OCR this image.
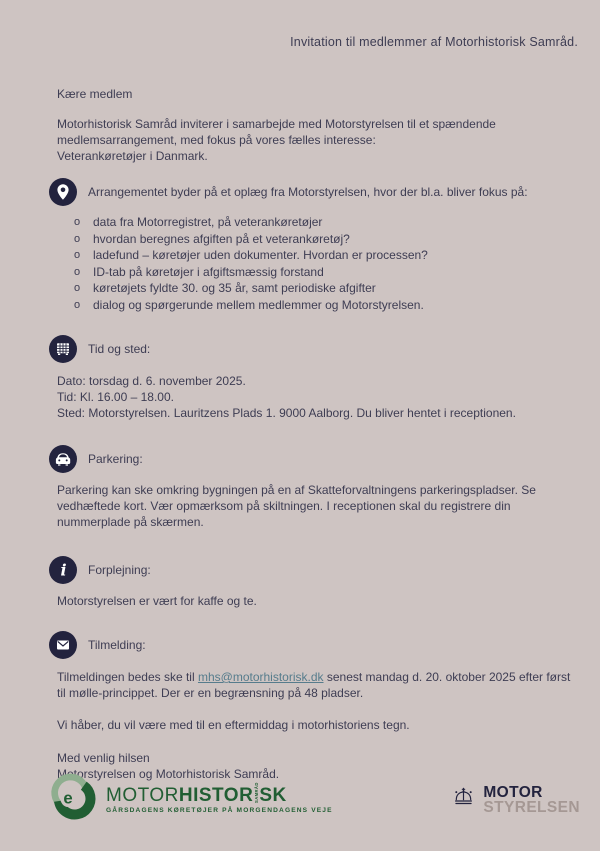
Invitation til medlemmer af Motorhistorisk Samråd.
Kære medlem

Motorhistorisk Samråd inviterer i samarbejde med Motorstyrelsen til et spændende medlemsarrangement, med fokus på vores fælles interesse:

Veterankøretøjer i Danmark.
Arrangementet byder på et oplæg fra Motorstyrelsen, hvor der bl.a. bliver fokus på:
o data fra Motorregistret, på veterankøretøjer
o hvordan beregnes afgiften på et veterankøretøj?
o ladefund – køretøjer uden dokumenter. Hvordan er processen?
o ID-tab på køretøjer i afgiftsmæssig forstand
o køretøjets fyldte 30. og 35 år, samt periodiske afgifter
o dialog og spørgerunde mellem medlemmer og Motorstyrelsen.
Tid og sted:
Dato: torsdag d. 6. november 2025.
Tid: Kl. 16.00 – 18.00.
Sted: Motorstyrelsen. Lauritzens Plads 1. 9000 Aalborg. Du bliver hentet i receptionen.
Parkering:

Parkering kan ske omkring bygningen på en af Skatteforvaltningens parkeringspladser. Se vedhæftede kort. Vær opmærksom på skiltningen. I receptionen skal du registrere din nummerplade på skærmen.

i Forplejning:

Motorstyrelsen er vært for kaffe og te.

Tilmelding:

Tilmeldingen bedes ske til mhs@motorhistorisk.dk senest mandag d. 20. oktober 2025 efter først til mølle-princippet. Der er en begrænsning på 48 pladser.

Vi håber, du vil være med til en eftermiddag i motorhistoriens tegn.

Med venlig hilsen
Motorstyrelsen og Motorhistorisk Samråd.
e MOTOR HISTOR SAMRÅD SK
GÅRSDAGENS KØRETØJER PÅ MORGENDAGENS VEJE
MOTOR
STYRELSEN
